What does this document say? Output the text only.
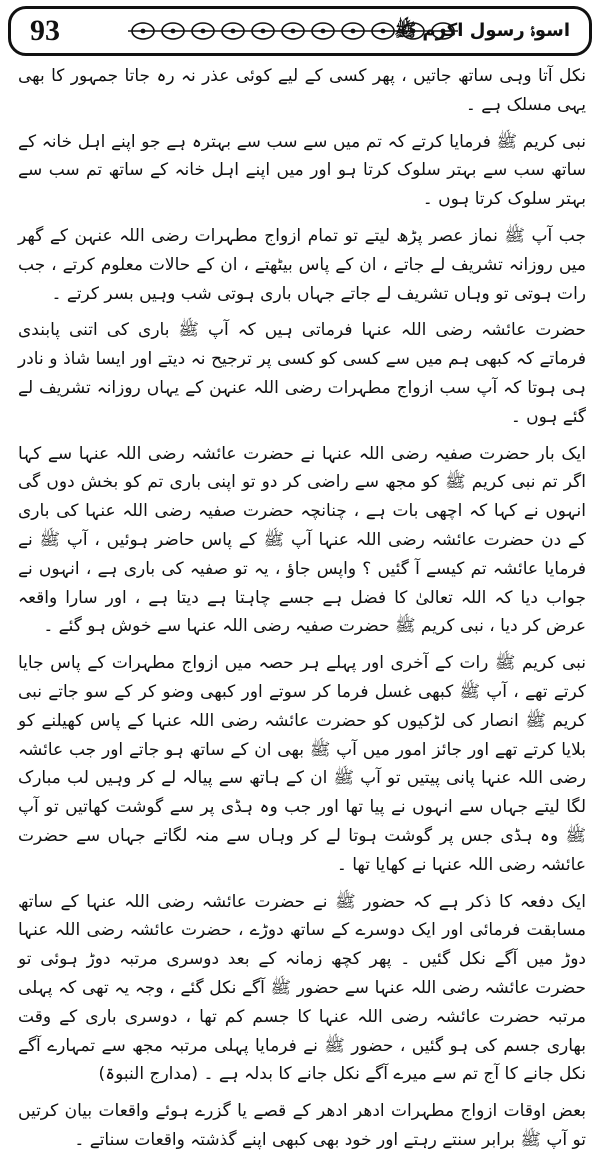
93	اسوۂ رسول اکرم ﷺ

نکل آتا وہی ساتھ جاتیں ، پھر کسی کے لیے کوئی عذر نہ رہ جاتا جمہور کا بھی یہی مسلک ہے ۔

نبی کریم ﷺ فرمایا کرتے کہ تم میں سے سب سے بہترہ ہے جو اپنے اہل خانہ کے ساتھ سب سے بہتر سلوک کرتا ہو اور میں اپنے اہل خانہ کے ساتھ تم سب سے بہتر سلوک کرتا ہوں ۔

جب آپ ﷺ نماز عصر پڑھ لیتے تو تمام ازواج مطہرات رضی اللہ عنہن کے گھر میں روزانہ تشریف لے جاتے ، ان کے پاس بیٹھتے ، ان کے حالات معلوم کرتے ، جب رات ہوتی تو وہاں تشریف لے جاتے جہاں باری ہوتی شب وہیں بسر کرتے ۔

حضرت عائشہ رضی اللہ عنہا فرماتی ہیں کہ آپ ﷺ باری کی اتنی پابندی فرماتے کہ کبھی ہم میں سے کسی کو کسی پر ترجیح نہ دیتے اور ایسا شاذ و نادر ہی ہوتا کہ آپ سب ازواج مطہرات رضی اللہ عنہن کے یہاں روزانہ تشریف لے گئے ہوں ۔

ایک بار حضرت صفیہ رضی اللہ عنہا نے حضرت عائشہ رضی اللہ عنہا سے کہا اگر تم نبی کریم ﷺ کو مجھ سے راضی کر دو تو اپنی باری تم کو بخش دوں گی انہوں نے کہا کہ اچھی بات ہے ، چنانچہ حضرت صفیہ رضی اللہ عنہا کی باری کے دن حضرت عائشہ رضی اللہ عنہا آپ ﷺ کے پاس حاضر ہوئیں ، آپ ﷺ نے فرمایا عائشہ تم کیسے آ گئیں ؟ واپس جاؤ ، یہ تو صفیہ کی باری ہے ، انہوں نے جواب دیا کہ اللہ تعالیٰ کا فضل ہے جسے چاہتا ہے دیتا ہے ، اور سارا واقعہ عرض کر دیا ، نبی کریم ﷺ حضرت صفیہ رضی اللہ عنہا سے خوش ہو گئے ۔

نبی کریم ﷺ رات کے آخری اور پہلے ہر حصہ میں ازواج مطہرات کے پاس جایا کرتے تھے ، آپ ﷺ کبھی غسل فرما کر سوتے اور کبھی وضو کر کے سو جاتے نبی کریم ﷺ انصار کی لڑکیوں کو حضرت عائشہ رضی اللہ عنہا کے پاس کھیلنے کو بلایا کرتے تھے اور جائز امور میں آپ ﷺ بھی ان کے ساتھ ہو جاتے اور جب عائشہ رضی اللہ عنہا پانی پیتیں تو آپ ﷺ ان کے ہاتھ سے پیالہ لے کر وہیں لب مبارک لگا لیتے جہاں سے انہوں نے پیا تھا اور جب وہ ہڈی پر سے گوشت کھاتیں تو آپ ﷺ وہ ہڈی جس پر گوشت ہوتا لے کر وہاں سے منہ لگاتے جہاں سے حضرت عائشہ رضی اللہ عنہا نے کھایا تھا ۔

ایک دفعہ کا ذکر ہے کہ حضور ﷺ نے حضرت عائشہ رضی اللہ عنہا کے ساتھ مسابقت فرمائی اور ایک دوسرے کے ساتھ دوڑے ، حضرت عائشہ رضی اللہ عنہا دوڑ میں آگے نکل گئیں ۔ پھر کچھ زمانہ کے بعد دوسری مرتبہ دوڑ ہوئی تو حضرت عائشہ رضی اللہ عنہا سے حضور ﷺ آگے نکل گئے ، وجہ یہ تھی کہ پہلی مرتبہ حضرت عائشہ رضی اللہ عنہا کا جسم کم تھا ، دوسری باری کے وقت بھاری جسم کی ہو گئیں ، حضور ﷺ نے فرمایا پہلی مرتبہ مجھ سے تمہارے آگے نکل جانے کا آج تم سے میرے آگے نکل جانے کا بدلہ ہے ۔ (مدارج النبوۃ)

بعض اوقات ازواج مطہرات ادھر ادھر کے قصے یا گزرے ہوئے واقعات بیان کرتیں تو آپ ﷺ برابر سنتے رہتے اور خود بھی کبھی اپنے گذشتہ واقعات سناتے ۔
